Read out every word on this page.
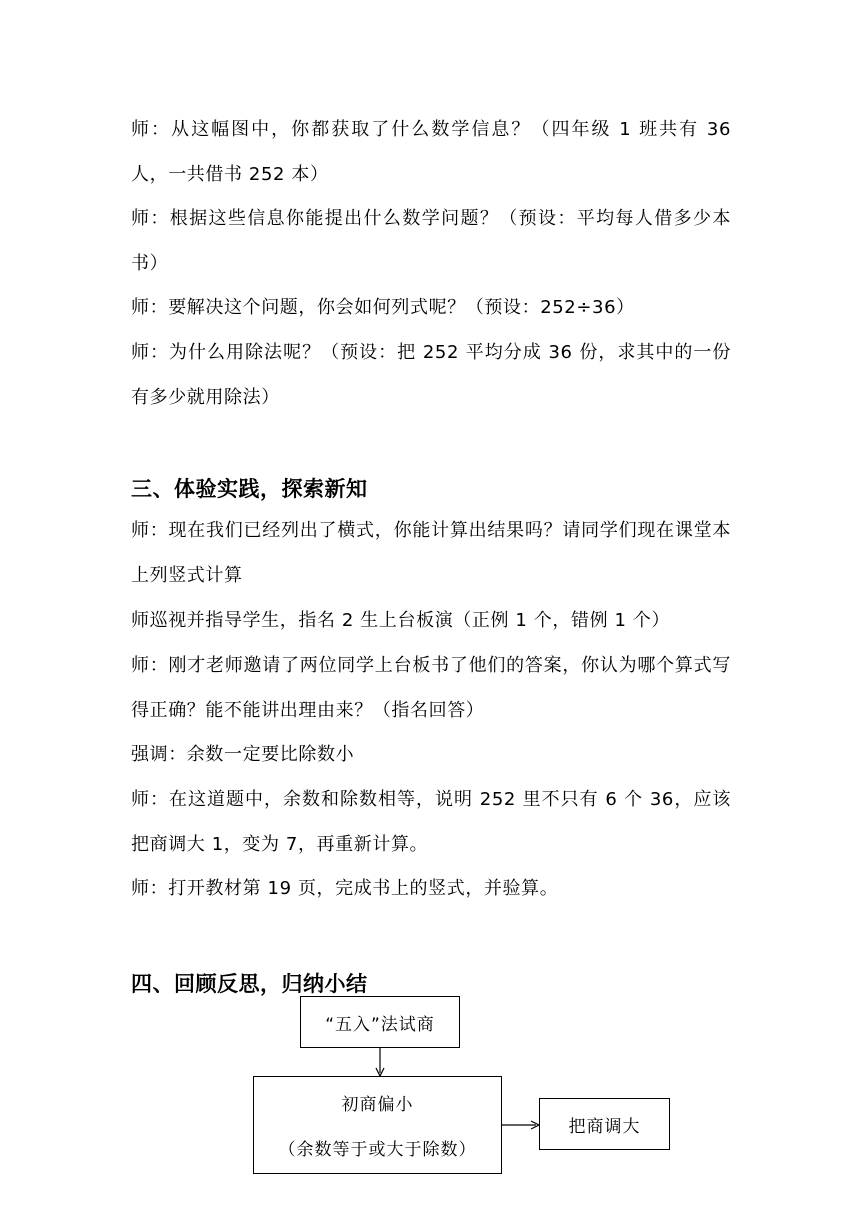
师：从这幅图中，你都获取了什么数学信息？（四年级 1 班共有 36 人，一共借书 252 本）

师：根据这些信息你能提出什么数学问题？（预设：平均每人借多少本书）

师：要解决这个问题，你会如何列式呢？（预设：252÷36）

师：为什么用除法呢？（预设：把 252 平均分成 36 份，求其中的一份有多少就用除法）

三、体验实践，探索新知

师：现在我们已经列出了横式，你能计算出结果吗？请同学们现在课堂本上列竖式计算

师巡视并指导学生，指名 2 生上台板演（正例 1 个，错例 1 个）

师：刚才老师邀请了两位同学上台板书了他们的答案，你认为哪个算式写得正确？能不能讲出理由来？（指名回答）

强调：余数一定要比除数小

师：在这道题中，余数和除数相等，说明 252 里不只有 6 个 36，应该把商调大 1，变为 7，再重新计算。

师：打开教材第 19 页，完成书上的竖式，并验算。

四、回顾反思，归纳小结
“五入”法试商
初商偏小
（余数等于或大于除数）
把商调大
